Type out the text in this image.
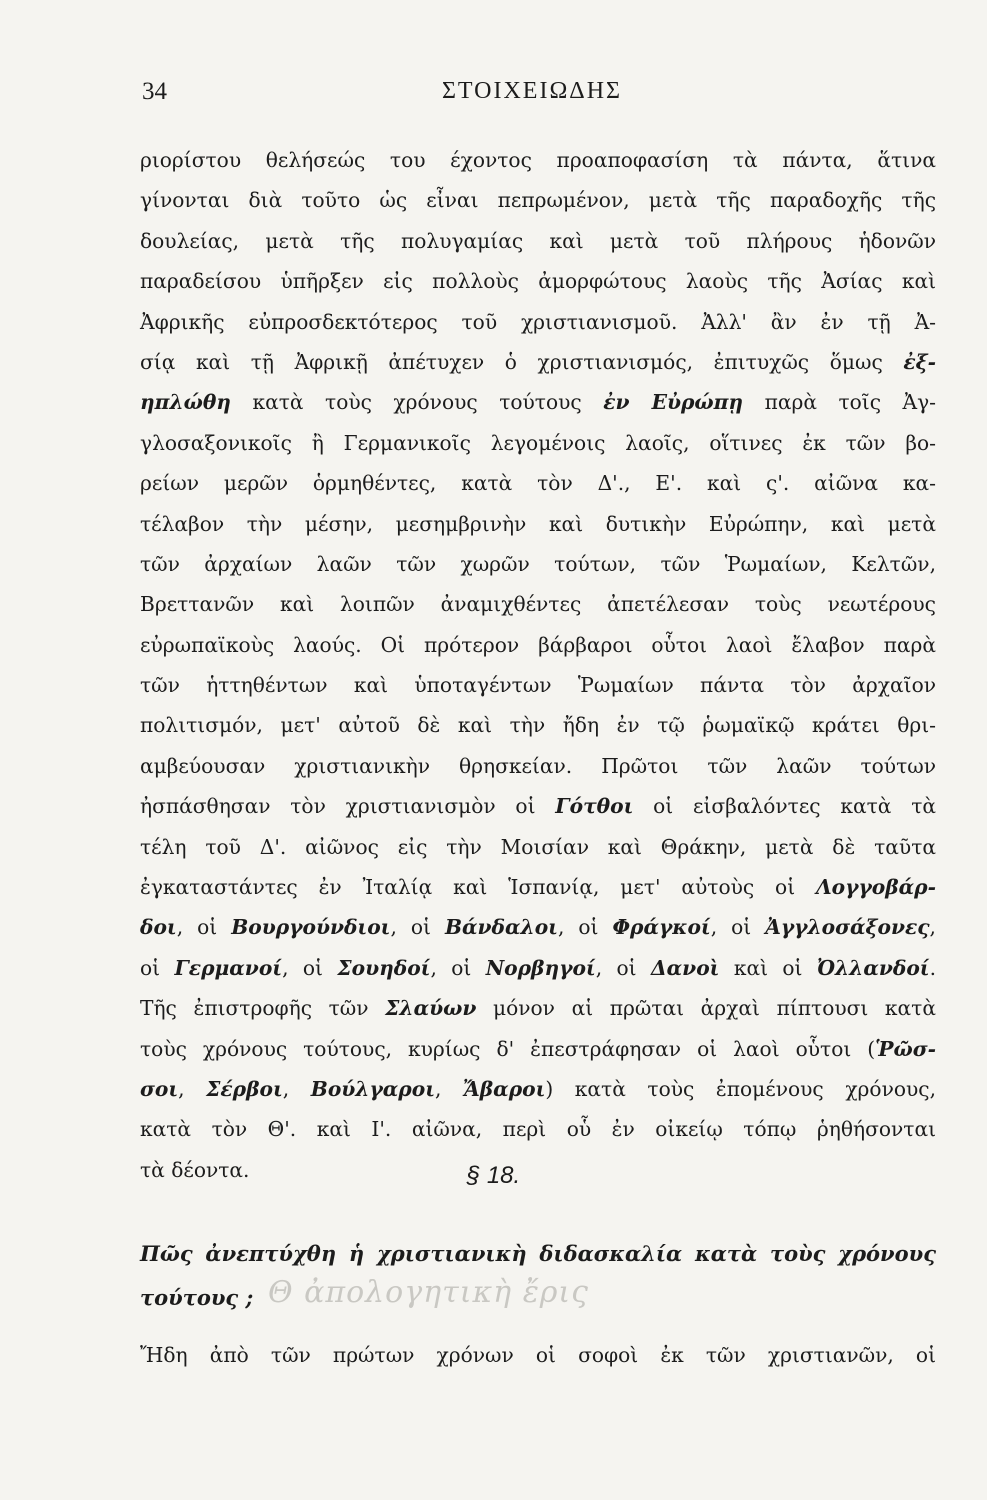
34	ΣΤΟΙΧΕΙΩΔΗΣ
ριορίστου θελήσεώς του έχοντος προαποφασίση τὰ πάντα, ἅτινα
γίνονται διὰ τοῦτο ὡς εἶναι πεπρωμένον, μετὰ τῆς παραδοχῆς τῆς
δουλείας, μετὰ τῆς πολυγαμίας καὶ μετὰ τοῦ πλήρους ἡδονῶν
παραδείσου ὑπῆρξεν εἰς πολλοὺς ἀμορφώτους λαοὺς τῆς Ἀσίας καὶ
Ἀφρικῆς εὐπροσδεκτότερος τοῦ χριστιανισμοῦ. Ἀλλ' ἂν ἐν τῇ Ἀ-
σίᾳ καὶ τῇ Ἀφρικῇ ἀπέτυχεν ὁ χριστιανισμός, ἐπιτυχῶς ὅμως ἐξ-
ηπλώθη κατὰ τοὺς χρόνους τούτους ἐν Εὐρώπῃ παρὰ τοῖς Ἀγ-
γλοσαξονικοῖς ἢ Γερμανικοῖς λεγομένοις λαοῖς, οἵτινες ἐκ τῶν βο-
ρείων μερῶν ὁρμηθέντες, κατὰ τὸν Δ'., Ε'. καὶ ς'. αἰῶνα κα-
τέλαβον τὴν μέσην, μεσημβρινὴν καὶ δυτικὴν Εὐρώπην, καὶ μετὰ
τῶν ἀρχαίων λαῶν τῶν χωρῶν τούτων, τῶν Ῥωμαίων, Κελτῶν,
Βρεττανῶν καὶ λοιπῶν ἀναμιχθέντες ἀπετέλεσαν τοὺς νεωτέρους
εὐρωπαϊκοὺς λαούς. Οἱ πρότερον βάρβαροι οὗτοι λαοὶ ἔλαβον παρὰ
τῶν ἡττηθέντων καὶ ὑποταγέντων Ῥωμαίων πάντα τὸν ἀρχαῖον
πολιτισμόν, μετ' αὐτοῦ δὲ καὶ τὴν ἤδη ἐν τῷ ῥωμαϊκῷ κράτει θρι-
αμβεύουσαν χριστιανικὴν θρησκείαν. Πρῶτοι τῶν λαῶν τούτων
ἠσπάσθησαν τὸν χριστιανισμὸν οἱ Γότθοι οἱ εἰσβαλόντες κατὰ τὰ
τέλη τοῦ Δ'. αἰῶνος εἰς τὴν Μοισίαν καὶ Θράκην, μετὰ δὲ ταῦτα
ἐγκαταστάντες ἐν Ἰταλίᾳ καὶ Ἱσπανίᾳ, μετ' αὐτοὺς οἱ Λογγοβάρ-
δοι, οἱ Βουργούνδιοι, οἱ Βάνδαλοι, οἱ Φράγκοί, οἱ Ἀγγλοσάξονες,
οἱ Γερμανοί, οἱ Σουηδοί, οἱ Νορβηγοί, οἱ Δανοὶ καὶ οἱ Ὀλλανδοί.
Τῆς ἐπιστροφῆς τῶν Σλαύων μόνον αἱ πρῶται ἀρχαὶ πίπτουσι κατὰ
τοὺς χρόνους τούτους, κυρίως δ' ἐπεστράφησαν οἱ λαοὶ οὗτοι (Ῥῶσ-
σοι, Σέρβοι, Βούλγαροι, Ἄβαροι) κατὰ τοὺς ἐπομένους χρόνους,
κατὰ τὸν Θ'. καὶ Ι'. αἰῶνα, περὶ οὗ ἐν οἰκείῳ τόπῳ ῥηθήσονται
τὰ δέοντα.	§ 18.
Πῶς ἀνεπτύχθη ἡ χριστιανικὴ διδασκαλία κατὰ τοὺς χρόνους
τούτους ; Θ ἀπολογητικὴ ἔρις
Ἤδη ἀπὸ τῶν πρώτων χρόνων οἱ σοφοὶ ἐκ τῶν χριστιανῶν, οἱ
